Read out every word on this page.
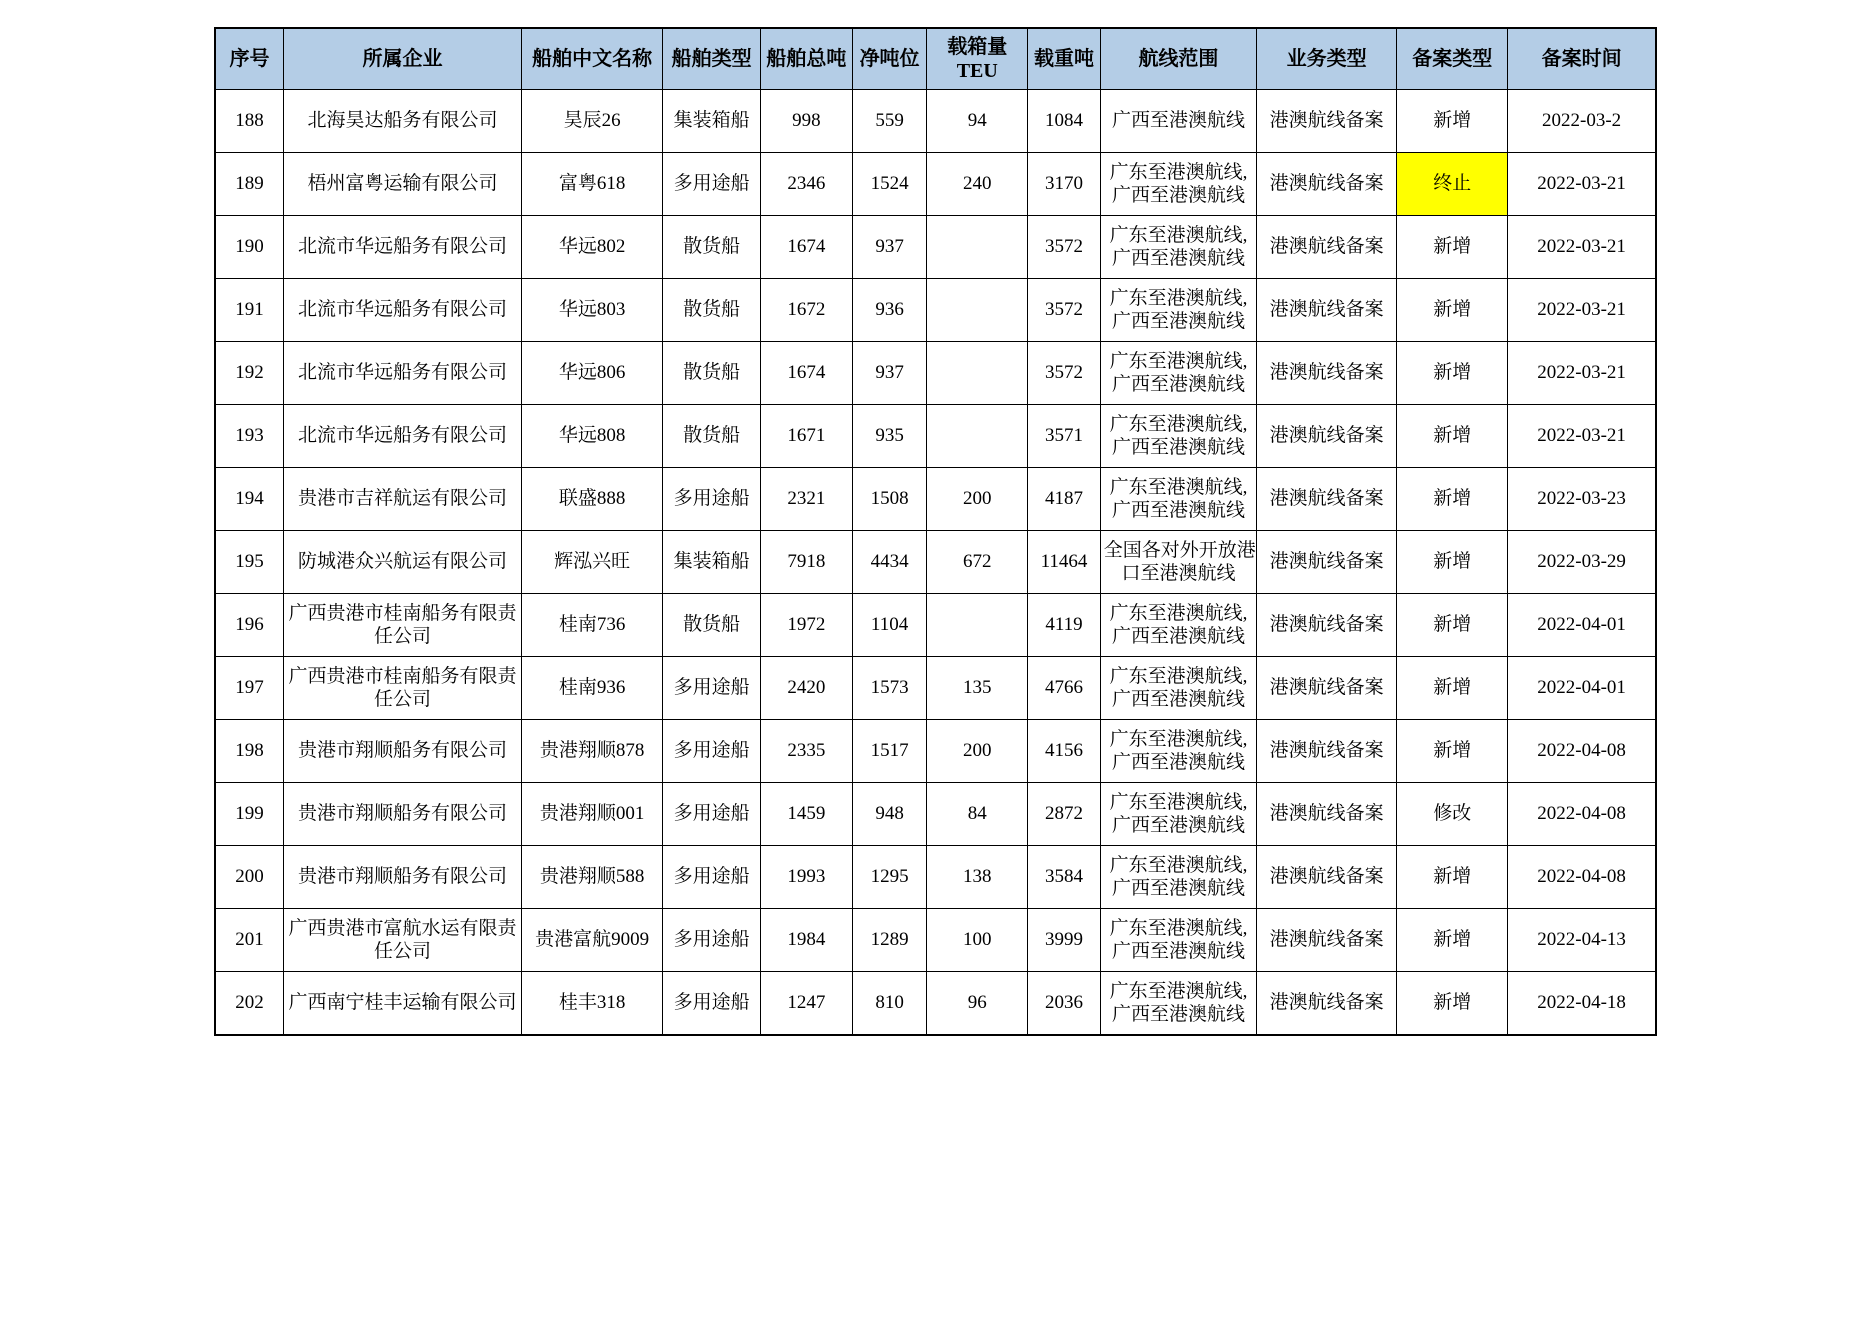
序号	所属企业	船舶中文名称	船舶类型	船舶总吨	净吨位	载箱量TEU	载重吨	航线范围	业务类型	备案类型	备案时间
188	北海昊达船务有限公司	昊辰26	集装箱船	998	559	94	1084	广西至港澳航线	港澳航线备案	新增	2022-03-2
189	梧州富粤运输有限公司	富粤618	多用途船	2346	1524	240	3170	广东至港澳航线,
广西至港澳航线	港澳航线备案	终止	2022-03-21
190	北流市华远船务有限公司	华远802	散货船	1674	937		3572	广东至港澳航线,
广西至港澳航线	港澳航线备案	新增	2022-03-21
191	北流市华远船务有限公司	华远803	散货船	1672	936		3572	广东至港澳航线,
广西至港澳航线	港澳航线备案	新增	2022-03-21
192	北流市华远船务有限公司	华远806	散货船	1674	937		3572	广东至港澳航线,
广西至港澳航线	港澳航线备案	新增	2022-03-21
193	北流市华远船务有限公司	华远808	散货船	1671	935		3571	广东至港澳航线,
广西至港澳航线	港澳航线备案	新增	2022-03-21
194	贵港市吉祥航运有限公司	联盛888	多用途船	2321	1508	200	4187	广东至港澳航线,
广西至港澳航线	港澳航线备案	新增	2022-03-23
195	防城港众兴航运有限公司	辉泓兴旺	集装箱船	7918	4434	672	11464	全国各对外开放港
口至港澳航线	港澳航线备案	新增	2022-03-29
196	广西贵港市桂南船务有限责任公司	桂南736	散货船	1972	1104		4119	广东至港澳航线,
广西至港澳航线	港澳航线备案	新增	2022-04-01
197	广西贵港市桂南船务有限责任公司	桂南936	多用途船	2420	1573	135	4766	广东至港澳航线,
广西至港澳航线	港澳航线备案	新增	2022-04-01
198	贵港市翔顺船务有限公司	贵港翔顺878	多用途船	2335	1517	200	4156	广东至港澳航线,
广西至港澳航线	港澳航线备案	新增	2022-04-08
199	贵港市翔顺船务有限公司	贵港翔顺001	多用途船	1459	948	84	2872	广东至港澳航线,
广西至港澳航线	港澳航线备案	修改	2022-04-08
200	贵港市翔顺船务有限公司	贵港翔顺588	多用途船	1993	1295	138	3584	广东至港澳航线,
广西至港澳航线	港澳航线备案	新增	2022-04-08
201	广西贵港市富航水运有限责任公司	贵港富航9009	多用途船	1984	1289	100	3999	广东至港澳航线,
广西至港澳航线	港澳航线备案	新增	2022-04-13
202	广西南宁桂丰运输有限公司	桂丰318	多用途船	1247	810	96	2036	广东至港澳航线,
广西至港澳航线	港澳航线备案	新增	2022-04-18
